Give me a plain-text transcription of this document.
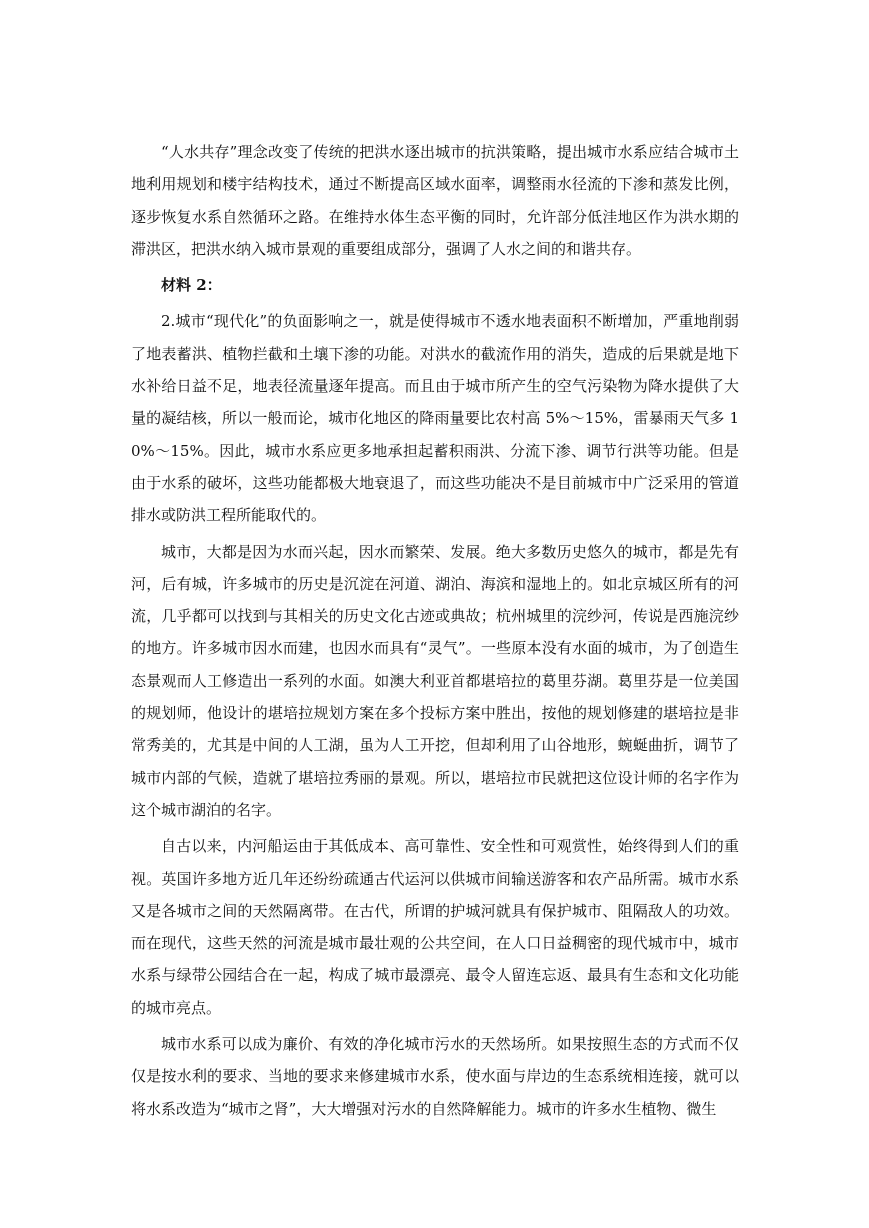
“人水共存”理念改变了传统的把洪水逐出城市的抗洪策略，提出城市水系应结合城市土地利用规划和楼宇结构技术，通过不断提高区域水面率，调整雨水径流的下渗和蒸发比例，逐步恢复水系自然循环之路。在维持水体生态平衡的同时，允许部分低洼地区作为洪水期的滞洪区，把洪水纳入城市景观的重要组成部分，强调了人水之间的和谐共存。

材料 2：

2.城市“现代化”的负面影响之一，就是使得城市不透水地表面积不断增加，严重地削弱了地表蓄洪、植物拦截和土壤下渗的功能。对洪水的截流作用的消失，造成的后果就是地下水补给日益不足，地表径流量逐年提高。而且由于城市所产生的空气污染物为降水提供了大量的凝结核，所以一般而论，城市化地区的降雨量要比农村高 5%～15%，雷暴雨天气多 10%～15%。因此，城市水系应更多地承担起蓄积雨洪、分流下渗、调节行洪等功能。但是由于水系的破坏，这些功能都极大地衰退了，而这些功能决不是目前城市中广泛采用的管道排水或防洪工程所能取代的。

城市，大都是因为水而兴起，因水而繁荣、发展。绝大多数历史悠久的城市，都是先有河，后有城，许多城市的历史是沉淀在河道、湖泊、海滨和湿地上的。如北京城区所有的河流，几乎都可以找到与其相关的历史文化古迹或典故；杭州城里的浣纱河，传说是西施浣纱的地方。许多城市因水而建，也因水而具有“灵气”。一些原本没有水面的城市，为了创造生态景观而人工修造出一系列的水面。如澳大利亚首都堪培拉的葛里芬湖。葛里芬是一位美国的规划师，他设计的堪培拉规划方案在多个投标方案中胜出，按他的规划修建的堪培拉是非常秀美的，尤其是中间的人工湖，虽为人工开挖，但却利用了山谷地形，蜿蜒曲折，调节了城市内部的气候，造就了堪培拉秀丽的景观。所以，堪培拉市民就把这位设计师的名字作为这个城市湖泊的名字。

自古以来，内河船运由于其低成本、高可靠性、安全性和可观赏性，始终得到人们的重视。英国许多地方近几年还纷纷疏通古代运河以供城市间输送游客和农产品所需。城市水系又是各城市之间的天然隔离带。在古代，所谓的护城河就具有保护城市、阻隔敌人的功效。而在现代，这些天然的河流是城市最壮观的公共空间，在人口日益稠密的现代城市中，城市水系与绿带公园结合在一起，构成了城市最漂亮、最令人留连忘返、最具有生态和文化功能的城市亮点。

城市水系可以成为廉价、有效的净化城市污水的天然场所。如果按照生态的方式而不仅仅是按水利的要求、当地的要求来修建城市水系，使水面与岸边的生态系统相连接，就可以将水系改造为“城市之肾”，大大增强对污水的自然降解能力。城市的许多水生植物、微生
